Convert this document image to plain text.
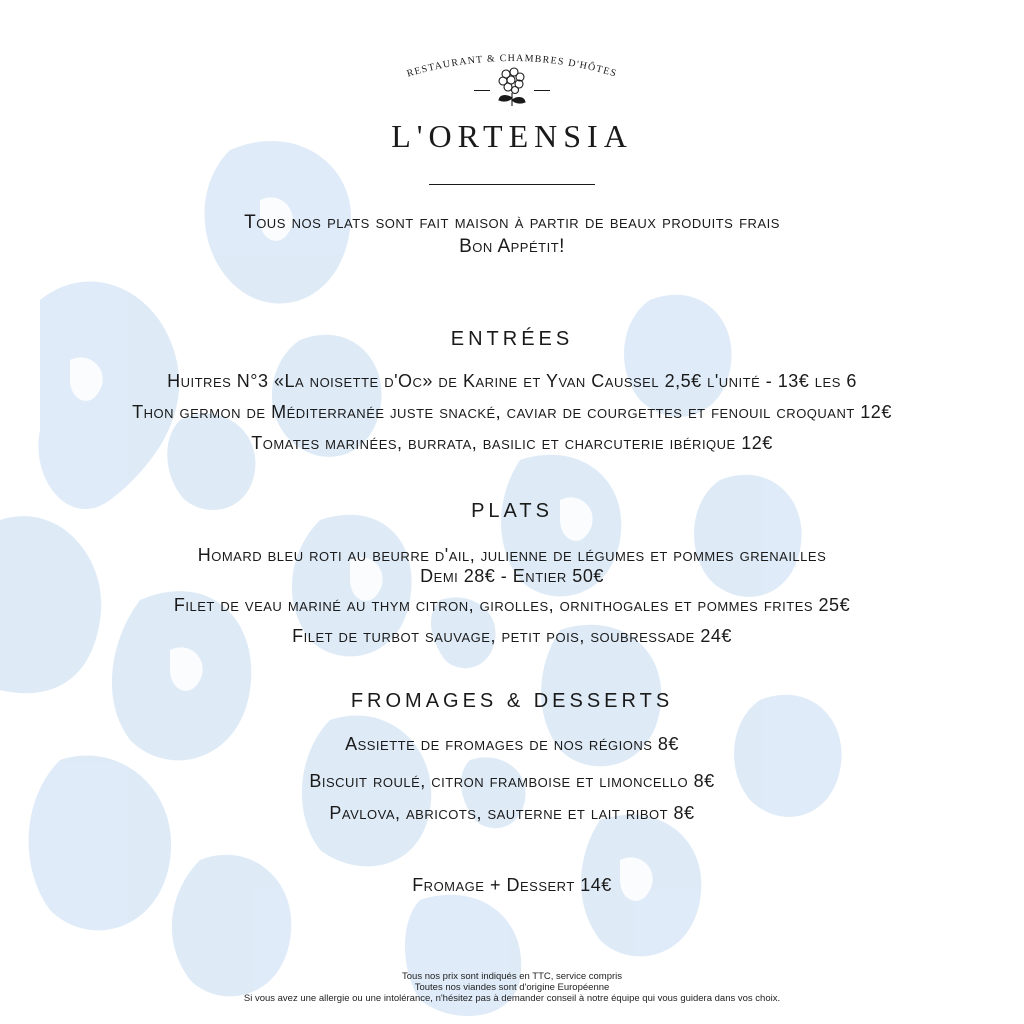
RESTAURANT & CHAMBRES D'HÔTES
L'ORTENSIA
Tous nos plats sont fait maison à partir de beaux produits frais
Bon Appétit!
ENTRÉES
Huitres N°3 «La noisette d'Oc» de Karine et Yvan Caussel 2,5€ l'unité - 13€ les 6
Thon germon de Méditerranée juste snacké, caviar de courgettes et fenouil croquant 12€
Tomates marinées, burrata, basilic et charcuterie ibérique 12€
PLATS
Homard bleu roti au beurre d'ail, julienne de légumes et pommes grenailles
Demi 28€ - Entier 50€
Filet de veau mariné au thym citron, girolles, ornithogales et pommes frites 25€
Filet de turbot sauvage, petit pois, soubressade 24€
FROMAGES & DESSERTS
Assiette de fromages de nos régions 8€
Biscuit roulé, citron framboise et limoncello 8€
Pavlova, abricots, sauterne et lait ribot 8€
Fromage + Dessert 14€
Tous nos prix sont indiqués en TTC, service compris
Toutes nos viandes sont d'origine Européenne
Si vous avez une allergie ou une intolérance, n'hésitez pas à demander conseil à notre équipe qui vous guidera dans vos choix.
